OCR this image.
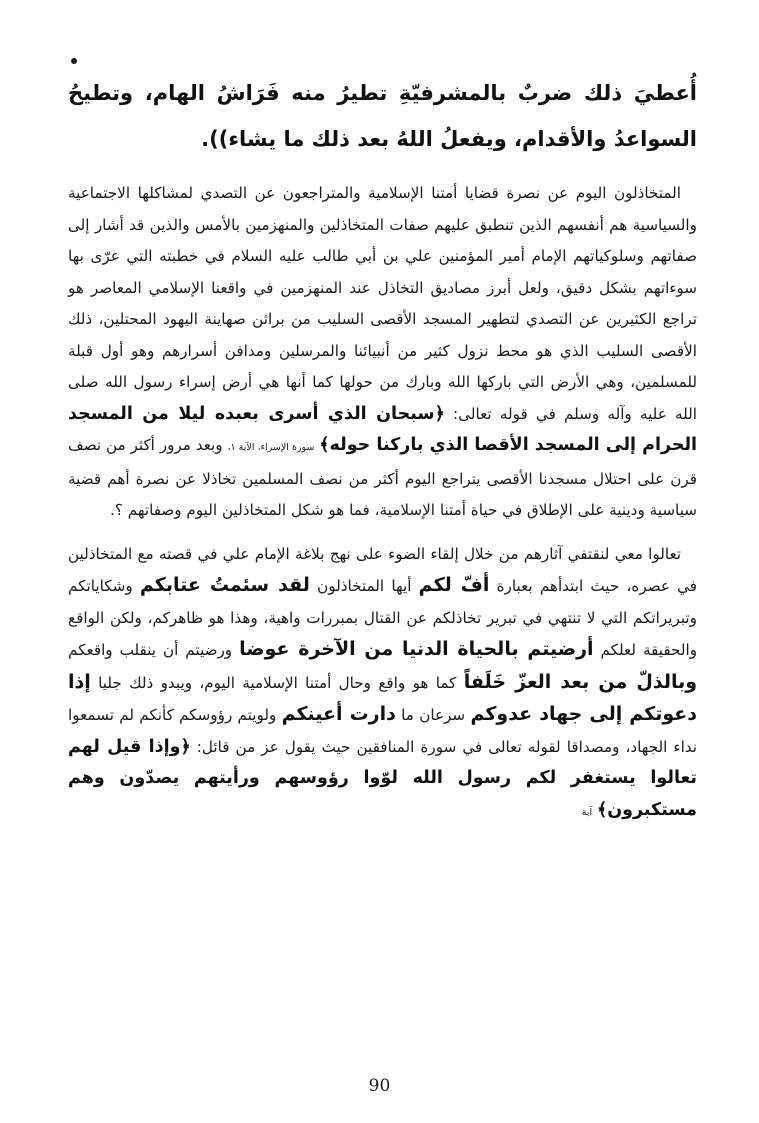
أُعطيَ ذلك ضربٌ بالمشرفيّةِ تطيرُ منه فَرَاشُ الهام، وتطيحُ السواعدُ والأقدام، ويفعلُ اللهُ بعد ذلك ما يشاء)).

المتخاذلون اليوم عن نصرة قضايا أمتنا الإسلامية والمتراجعون عن التصدي لمشاكلها الاجتماعية والسياسية هم أنفسهم الذين تنطبق عليهم صفات المتخاذلين والمنهزمين بالأمس والذين قد أشار إلى صفاتهم وسلوكياتهم الإمام أمير المؤمنين علي بن أبي طالب عليه السلام في خطبته التي عرّى بها سوءاتهم بشكل دقيق، ولعل أبرز مصاديق التخاذل عند المنهزمين في واقعنا الإسلامي المعاصر هو تراجع الكثيرين عن التصدي لتطهير المسجد الأقصى السليب من براثن صهاينة اليهود المحتلين، ذلك الأقصى السليب الذي هو محط نزول كثير من أنبيائنا والمرسلين ومدافن أسرارهم وهو أول قبلة للمسلمين، وهي الأرض التي باركها الله وبارك من حولها كما أنها هي أرض إسراء رسول الله صلى الله عليه وآله وسلم في قوله تعالى: ﴿سبحان الذي أسرى بعبده ليلا من المسجد الحرام إلى المسجد الأقصا الذي باركنا حوله﴾ سورة الإسراء، الآية ١، وبعد مرور أكثر من نصف قرن على احتلال مسجدنا الأقصى يتراجع اليوم أكثر من نصف المسلمين تخاذلا عن نصرة أهم قضية سياسية ودينية على الإطلاق في حياة أمتنا الإسلامية، فما هو شكل المتخاذلين اليوم وصفاتهم ؟.

تعالوا معي لنقتفي آثارهم من خلال إلقاء الضوء على نهج بلاغة الإمام علي في قصته مع المتخاذلين في عصره، حيث ابتدأهم بعبارة أفّ لكم أيها المتخاذلون لقد سئمتُ عتابكم وشكاياتكم وتبريراتكم التي لا تنتهي في تبرير تخاذلكم عن القتال بمبررات واهية، وهذا هو ظاهركم، ولكن الواقع والحقيقة لعلكم أرضيتم بالحياة الدنيا من الآخرة عوضا ورضيتم أن ينقلب واقعكم وبالذلّ من بعد العزّ خَلَفاً كما هو واقع وحال أمتنا الإسلامية اليوم، ويبدو ذلك جليا إذا دعوتكم إلى جهاد عدوكم سرعان ما دارت أعينكم ولويتم رؤوسكم كأنكم لم تسمعوا نداء الجهاد، ومصداقا لقوله تعالى في سورة المنافقين حيث يقول عز من قائل: ﴿وإذا قيل لهم تعالوا يستغفر لكم رسول الله لوّوا رؤوسهم ورأيتهم يصدّون وهم مستكبرون﴾ آية

90
